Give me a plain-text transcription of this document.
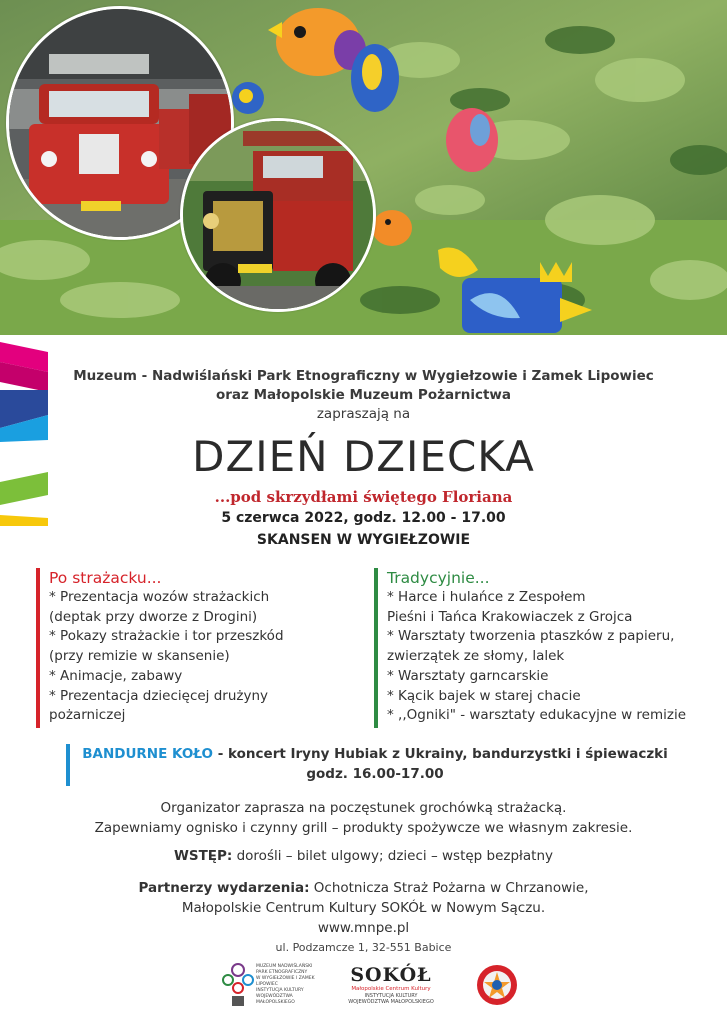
Muzeum - Nadwiślański Park Etnograficzny w Wygiełzowie i Zamek Lipowiec
oraz Małopolskie Muzeum Pożarnictwa
zapraszają na
DZIEŃ DZIECKA
...pod skrzydłami świętego Floriana
5 czerwca 2022, godz. 12.00 - 17.00
SKANSEN W WYGIEŁZOWIE
Po strażacku...
* Prezentacja wozów strażackich
(deptak przy dworze z Drogini)
* Pokazy strażackie i tor przeszkód
(przy remizie w skansenie)
* Animacje, zabawy
* Prezentacja dziecięcej drużyny
pożarniczej
Tradycyjnie...
* Harce i hulańce z Zespołem
Pieśni i Tańca Krakowiaczek z Grojca
* Warsztaty tworzenia ptaszków z papieru,
zwierzątek ze słomy, lalek
* Warsztaty garncarskie
* Kącik bajek w starej chacie
* ,,Ogniki" - warsztaty edukacyjne w remizie
BANDURNE KOŁO - koncert Iryny Hubiak z Ukrainy, bandurzystki i śpiewaczki
godz. 16.00-17.00
Organizator zaprasza na poczęstunek grochówką strażacką.
Zapewniamy ognisko i czynny grill – produkty spożywcze we własnym zakresie.
WSTĘP: dorośli – bilet ulgowy; dzieci – wstęp bezpłatny
Partnerzy wydarzenia: Ochotnicza Straż Pożarna w Chrzanowie,
Małopolskie Centrum Kultury SOKÓŁ w Nowym Sączu.
www.mnpe.pl
ul. Podzamcze 1, 32-551 Babice
MUZEUM NADWIŚLAŃSKI
PARK ETNOGRAFICZNY
W WYGIEŁZOWIE I ZAMEK LIPOWIEC
INSTYTUCJA KULTURY
WOJEWÓDZTWA MAŁOPOLSKIEGO
SOKÓŁ
Małopolskie Centrum Kultury
INSTYTUCJA KULTURY
WOJEWÓDZTWA MAŁOPOLSKIEGO
